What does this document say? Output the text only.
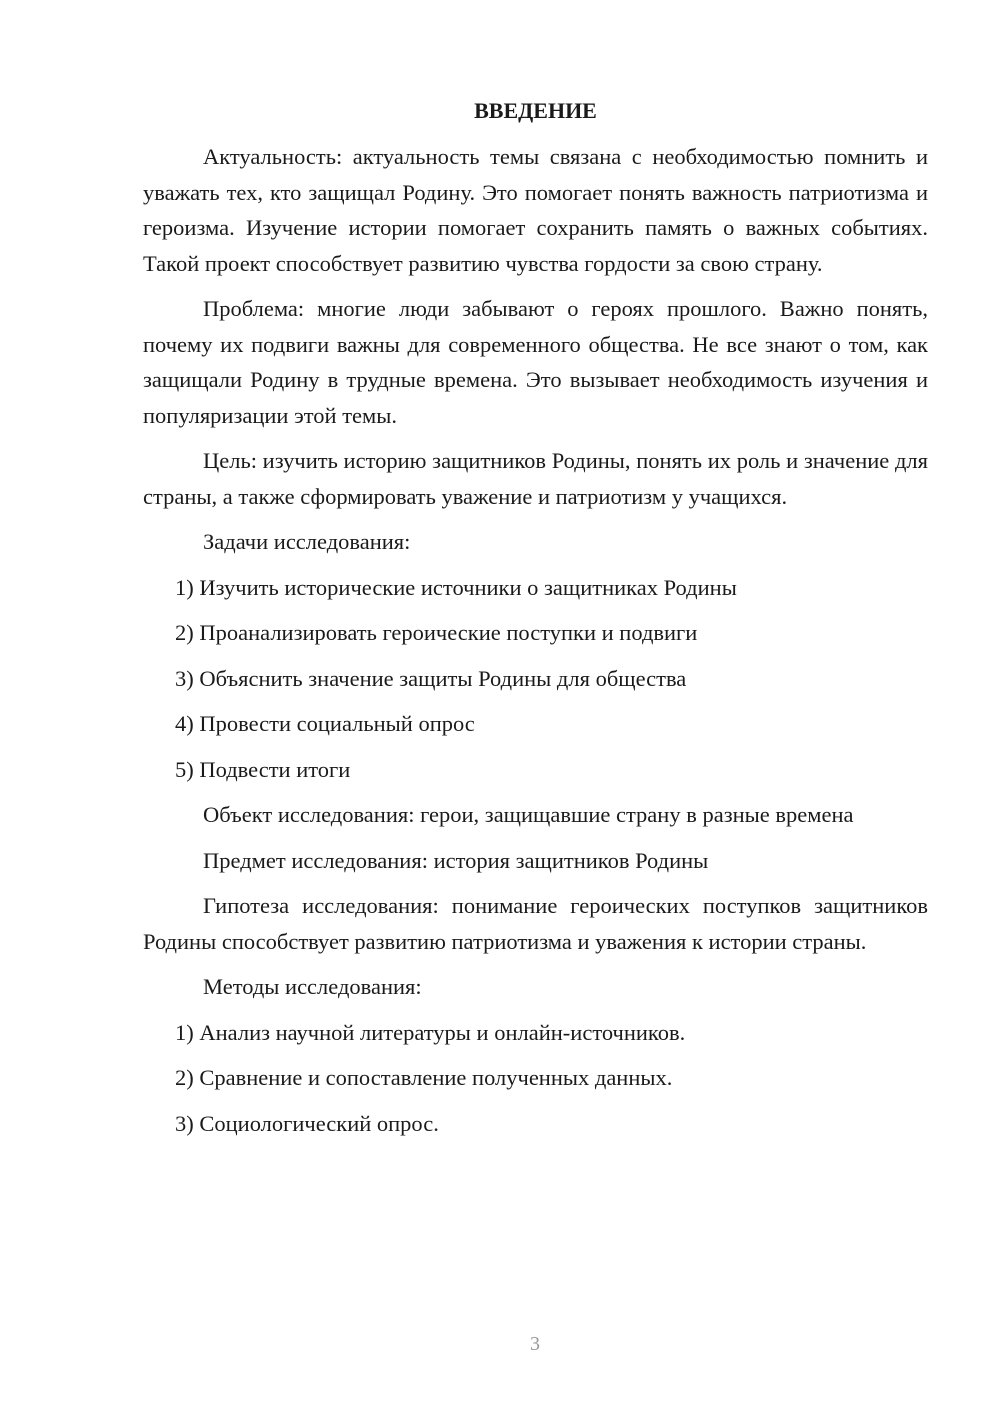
ВВЕДЕНИЕ
Актуальность: актуальность темы связана с необходимостью помнить и уважать тех, кто защищал Родину. Это помогает понять важность патриотизма и героизма. Изучение истории помогает сохранить память о важных событиях. Такой проект способствует развитию чувства гордости за свою страну.
Проблема: многие люди забывают о героях прошлого. Важно понять, почему их подвиги важны для современного общества. Не все знают о том, как защищали Родину в трудные времена. Это вызывает необходимость изучения и популяризации этой темы.
Цель: изучить историю защитников Родины, понять их роль и значение для страны, а также сформировать уважение и патриотизм у учащихся.
Задачи исследования:
1) Изучить исторические источники о защитниках Родины
2) Проанализировать героические поступки и подвиги
3) Объяснить значение защиты Родины для общества
4) Провести социальный опрос
5) Подвести итоги
Объект исследования: герои, защищавшие страну в разные времена
Предмет исследования: история защитников Родины
Гипотеза исследования: понимание героических поступков защитников Родины способствует развитию патриотизма и уважения к истории страны.
Методы исследования:
1) Анализ научной литературы и онлайн-источников.
2) Сравнение и сопоставление полученных данных.
3) Социологический опрос.
3
